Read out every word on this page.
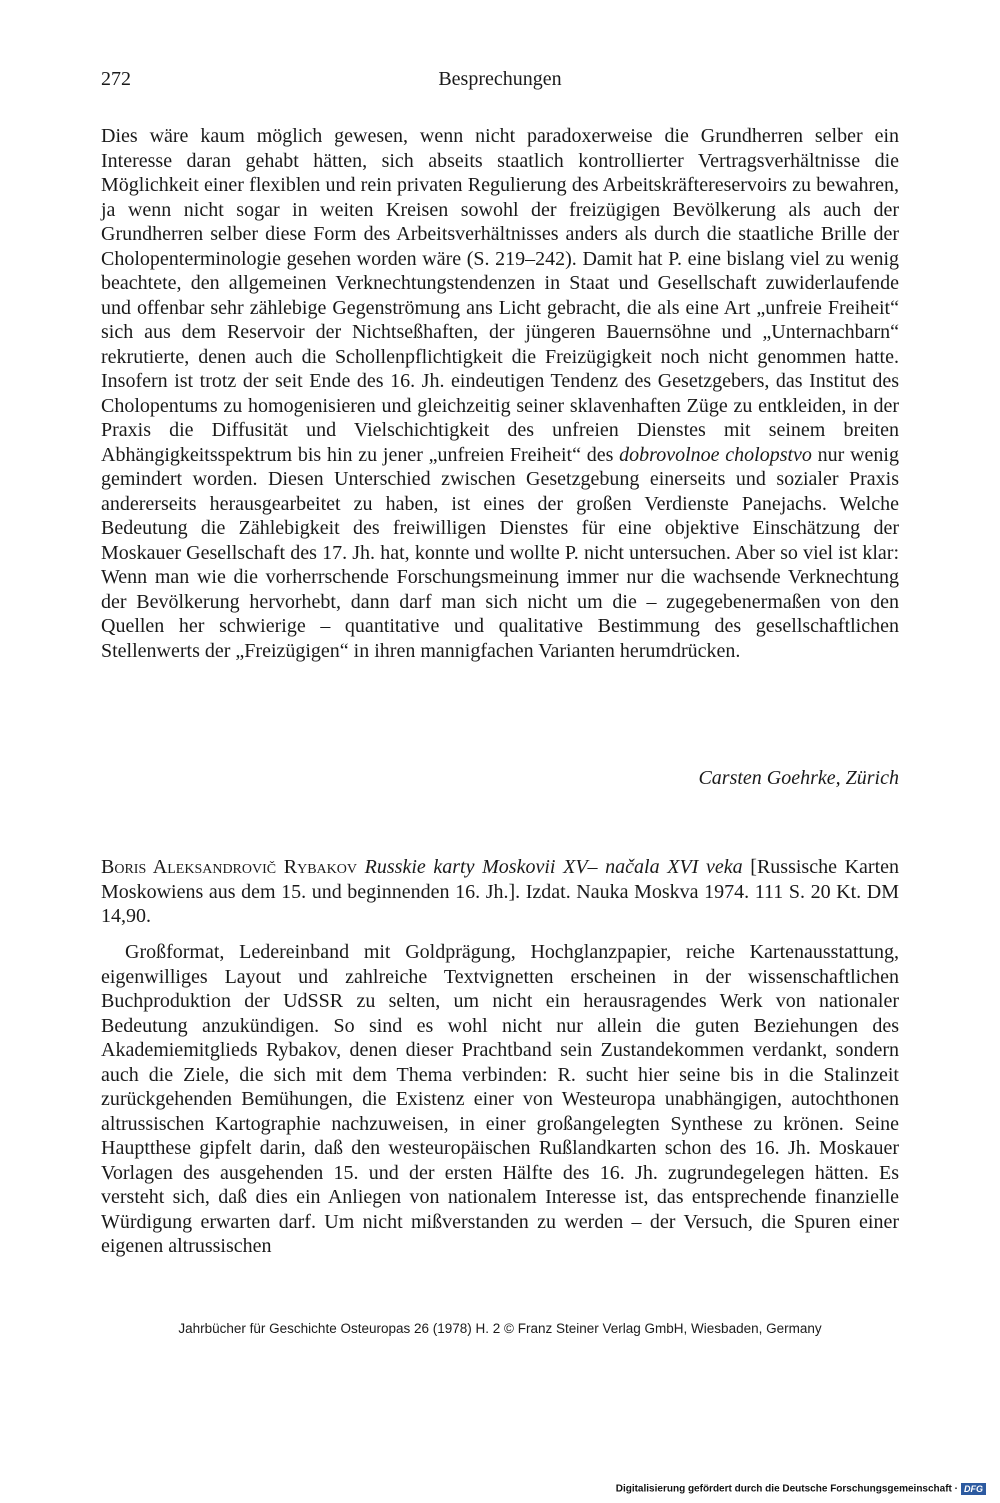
272	Besprechungen

Dies wäre kaum möglich gewesen, wenn nicht paradoxerweise die Grundherren selber ein Interesse daran gehabt hätten, sich abseits staatlich kontrollierter Vertragsverhältnisse die Möglichkeit einer flexiblen und rein privaten Regulierung des Arbeitskräftereservoirs zu bewahren, ja wenn nicht sogar in weiten Kreisen sowohl der freizügigen Bevölkerung als auch der Grundherren selber diese Form des Arbeitsverhältnisses anders als durch die staatliche Brille der Cholopenterminologie gesehen worden wäre (S. 219–242). Damit hat P. eine bislang viel zu wenig beachtete, den allgemeinen Verknechtungstendenzen in Staat und Gesellschaft zuwiderlaufende und offenbar sehr zählebige Gegenströmung ans Licht gebracht, die als eine Art „unfreie Freiheit“ sich aus dem Reservoir der Nichtseßhaften, der jüngeren Bauernsöhne und „Unternachbarn“ rekrutierte, denen auch die Schollenpflichtigkeit die Freizügigkeit noch nicht genommen hatte. Insofern ist trotz der seit Ende des 16. Jh. eindeutigen Tendenz des Gesetzgebers, das Institut des Cholopentums zu homogenisieren und gleichzeitig seiner sklavenhaften Züge zu entkleiden, in der Praxis die Diffusität und Vielschichtigkeit des unfreien Dienstes mit seinem breiten Abhängigkeitsspektrum bis hin zu jener „unfreien Freiheit“ des dobrovolnoe cholopstvo nur wenig gemindert worden. Diesen Unterschied zwischen Gesetzgebung einerseits und sozialer Praxis andererseits herausgearbeitet zu haben, ist eines der großen Verdienste Panejachs. Welche Bedeutung die Zählebigkeit des freiwilligen Dienstes für eine objektive Einschätzung der Moskauer Gesellschaft des 17. Jh. hat, konnte und wollte P. nicht untersuchen. Aber so viel ist klar: Wenn man wie die vorherrschende Forschungsmeinung immer nur die wachsende Verknechtung der Bevölkerung hervorhebt, dann darf man sich nicht um die – zugegebenermaßen von den Quellen her schwierige – quantitative und qualitative Bestimmung des gesellschaftlichen Stellenwerts der „Freizügigen“ in ihren mannigfachen Varianten herumdrücken.

Carsten Goehrke, Zürich

Boris Aleksandrovič Rybakov Russkie karty Moskovii XV– načala XVI veka [Russische Karten Moskowiens aus dem 15. und beginnenden 16. Jh.]. Izdat. Nauka Moskva 1974. 111 S. 20 Kt. DM 14,90.

Großformat, Ledereinband mit Goldprägung, Hochglanzpapier, reiche Kartenausstattung, eigenwilliges Layout und zahlreiche Textvignetten erscheinen in der wissenschaftlichen Buchproduktion der UdSSR zu selten, um nicht ein herausragendes Werk von nationaler Bedeutung anzukündigen. So sind es wohl nicht nur allein die guten Beziehungen des Akademiemitglieds Rybakov, denen dieser Prachtband sein Zustandekommen verdankt, sondern auch die Ziele, die sich mit dem Thema verbinden: R. sucht hier seine bis in die Stalinzeit zurückgehenden Bemühungen, die Existenz einer von Westeuropa unabhängigen, autochthonen altrussischen Kartographie nachzuweisen, in einer großangelegten Synthese zu krönen. Seine Hauptthese gipfelt darin, daß den westeuropäischen Rußlandkarten schon des 16. Jh. Moskauer Vorlagen des ausgehenden 15. und der ersten Hälfte des 16. Jh. zugrundegelegen hätten. Es versteht sich, daß dies ein Anliegen von nationalem Interesse ist, das entsprechende finanzielle Würdigung erwarten darf. Um nicht mißverstanden zu werden – der Versuch, die Spuren einer eigenen altrussischen

Jahrbücher für Geschichte Osteuropas 26 (1978) H. 2 © Franz Steiner Verlag GmbH, Wiesbaden, Germany
Digitalisierung gefördert durch die Deutsche Forschungsgemeinschaft · DFG
